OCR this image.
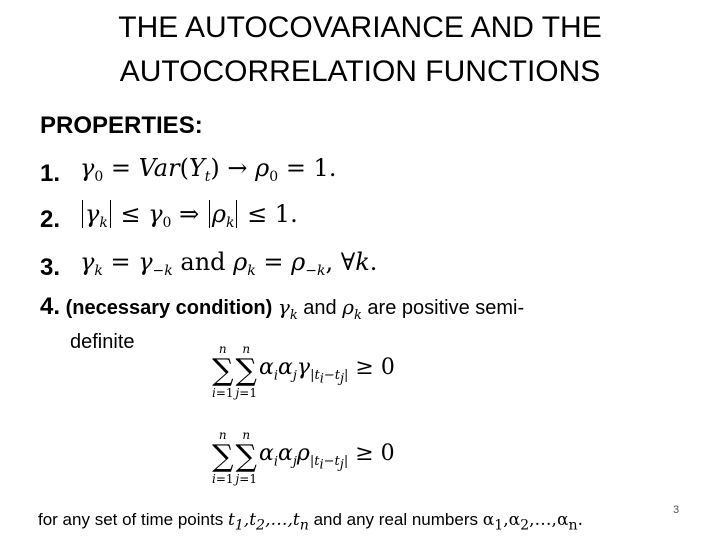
THE AUTOCOVARIANCE AND THE
AUTOCORRELATION FUNCTIONS
PROPERTIES:
1. $\gamma_0 = Var(Y_t) \to \rho_0 = 1$.
2. $\gamma_k \le \gamma_0$ ⇒ $\rho_k \le 1$.
3. $\gamma_k = \gamma_{-k}$ and $\rho_k = \rho_{-k}$, ∀k.
4. (necessary condition) $\gamma_k$ and $\rho_k$ are positive semi-
definite	n
∑
i=1n
∑
$j=1\alpha_i\alpha_j\gamma_{|t_i-t_j|} \ge 0$
n
∑
i=1n
∑
$j=1\alpha_i\alpha_j\rho_{|t_i-t_j|} \ge 0$
for any set of time points $t_1,t_2,\dots,t_n$ and any real numbers $\alpha_1,\alpha_2,\dots,\alpha_n$.	3
